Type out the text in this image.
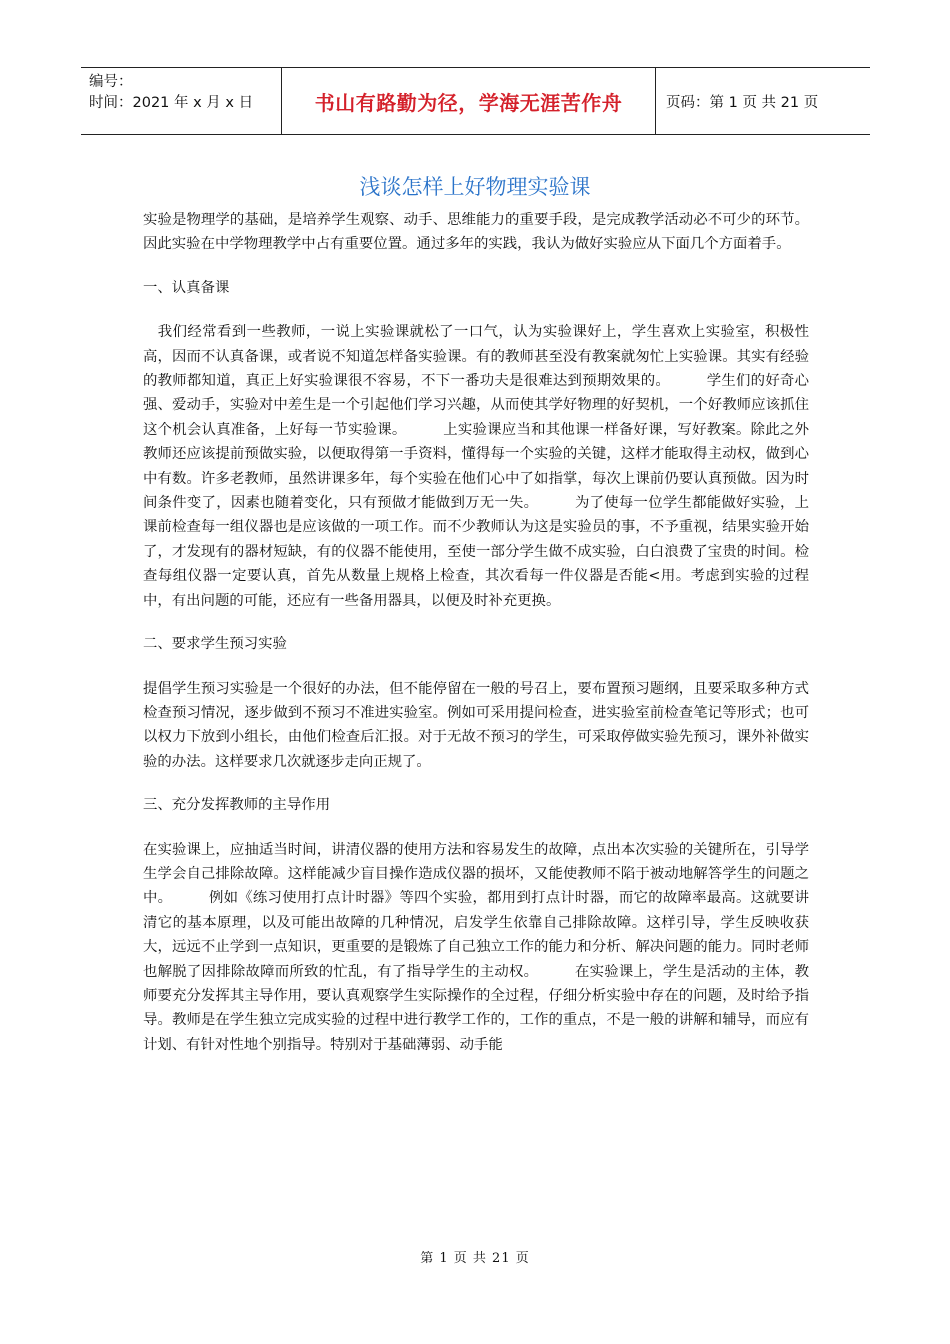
编号：
时间：2021 年 x 月 x 日	书山有路勤为径，学海无涯苦作舟	页码：第 1 页 共 21 页
浅谈怎样上好物理实验课

实验是物理学的基础，是培养学生观察、动手、思维能力的重要手段，是完成教学活动必不可少的环节。因此实验在中学物理教学中占有重要位置。通过多年的实践，我认为做好实验应从下面几个方面着手。

一、认真备课

　我们经常看到一些教师，一说上实验课就松了一口气，认为实验课好上，学生喜欢上实验室，积极性高，因而不认真备课，或者说不知道怎样备实验课。有的教师甚至没有教案就匆忙上实验课。其实有经验的教师都知道，真正上好实验课很不容易，不下一番功夫是很难达到预期效果的。　　　学生们的好奇心强、爱动手，实验对中差生是一个引起他们学习兴趣，从而使其学好物理的好契机，一个好教师应该抓住这个机会认真准备，上好每一节实验课。　　　上实验课应当和其他课一样备好课，写好教案。除此之外教师还应该提前预做实验，以便取得第一手资料，懂得每一个实验的关键，这样才能取得主动权，做到心中有数。许多老教师，虽然讲课多年，每个实验在他们心中了如指掌，每次上课前仍要认真预做。因为时间条件变了，因素也随着变化，只有预做才能做到万无一失。　　　为了使每一位学生都能做好实验，上课前检查每一组仪器也是应该做的一项工作。而不少教师认为这是实验员的事，不予重视，结果实验开始了，才发现有的器材短缺，有的仪器不能使用，至使一部分学生做不成实验，白白浪费了宝贵的时间。检查每组仪器一定要认真，首先从数量上规格上检查，其次看每一件仪器是否能<用。考虑到实验的过程中，有出问题的可能，还应有一些备用器具，以便及时补充更换。

二、要求学生预习实验

提倡学生预习实验是一个很好的办法，但不能停留在一般的号召上，要布置预习题纲，且要采取多种方式检查预习情况，逐步做到不预习不准进实验室。例如可采用提问检查，进实验室前检查笔记等形式；也可以权力下放到小组长，由他们检查后汇报。对于无故不预习的学生，可采取停做实验先预习，课外补做实验的办法。这样要求几次就逐步走向正规了。

三、充分发挥教师的主导作用

在实验课上，应抽适当时间，讲清仪器的使用方法和容易发生的故障，点出本次实验的关键所在，引导学生学会自己排除故障。这样能减少盲目操作造成仪器的损坏，又能使教师不陷于被动地解答学生的问题之中。　　　例如《练习使用打点计时器》等四个实验，都用到打点计时器，而它的故障率最高。这就要讲清它的基本原理，以及可能出故障的几种情况，启发学生依靠自己排除故障。这样引导，学生反映收获大，远远不止学到一点知识，更重要的是锻炼了自己独立工作的能力和分析、解决问题的能力。同时老师也解脱了因排除故障而所致的忙乱，有了指导学生的主动权。　　　在实验课上，学生是活动的主体，教师要充分发挥其主导作用，要认真观察学生实际操作的全过程，仔细分析实验中存在的问题，及时给予指导。教师是在学生独立完成实验的过程中进行教学工作的，工作的重点，不是一般的讲解和辅导，而应有计划、有针对性地个别指导。特别对于基础薄弱、动手能

第 1 页 共 21 页
